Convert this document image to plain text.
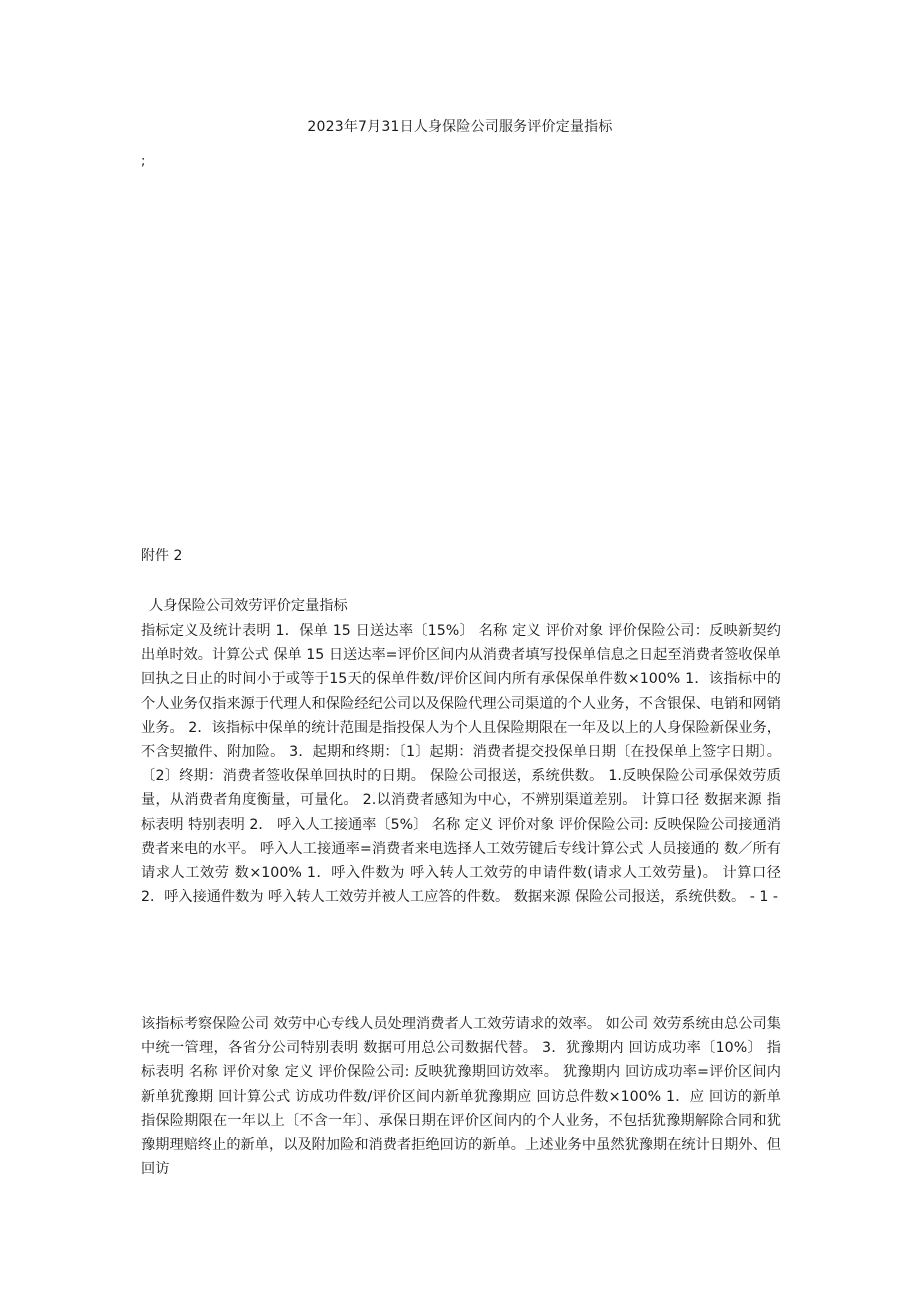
2023年7月31日人身保险公司服务评价定量指标
;
附件 2
人身保险公司效劳评价定量指标
指标定义及统计表明 1．保单 15 日送达率〔15%〕 名称 定义 评价对象 评价保险公司：反映新契约出单时效。计算公式 保单 15 日送达率=评价区间内从消费者填写投保单信息之日起至消费者签收保单回执之日止的时间小于或等于15天的保单件数/评价区间内所有承保保单件数×100% 1．该指标中的个人业务仅指来源于代理人和保险经纪公司以及保险代理公司渠道的个人业务，不含银保、电销和网销业务。 2．该指标中保单的统计范围是指投保人为个人且保险期限在一年及以上的人身保险新保业务，不含契撤件、附加险。 3．起期和终期：〔1〕起期：消费者提交投保单日期〔在投保单上签字日期〕。 〔2〕终期：消费者签收保单回执时的日期。 保险公司报送，系统供数。 1.反映保险公司承保效劳质量，从消费者角度衡量，可量化。 2.以消费者感知为中心，不辨别渠道差别。 计算口径 数据来源 指标表明 特别表明 2． 呼入人工接通率〔5%〕 名称 定义 评价对象 评价保险公司: 反映保险公司接通消费者来电的水平。 呼入人工接通率=消费者来电选择人工效劳键后专线计算公式 人员接通的 数／所有请求人工效劳 数×100% 1．呼入件数为 呼入转人工效劳的申请件数(请求人工效劳量)。 计算口径 2．呼入接通件数为 呼入转人工效劳并被人工应答的件数。 数据来源 保险公司报送，系统供数。 - 1 -
该指标考察保险公司 效劳中心专线人员处理消费者人工效劳请求的效率。 如公司 效劳系统由总公司集中统一管理，各省分公司特别表明 数据可用总公司数据代替。 3．犹豫期内 回访成功率〔10%〕 指标表明 名称 评价对象 定义 评价保险公司: 反映犹豫期回访效率。 犹豫期内 回访成功率=评价区间内新单犹豫期 回计算公式 访成功件数/评价区间内新单犹豫期应 回访总件数×100% 1．应 回访的新单指保险期限在一年以上〔不含一年〕、承保日期在评价区间内的个人业务，不包括犹豫期解除合同和犹豫期理赔终止的新单，以及附加险和消费者拒绝回访的新单。上述业务中虽然犹豫期在统计日期外、但回访
